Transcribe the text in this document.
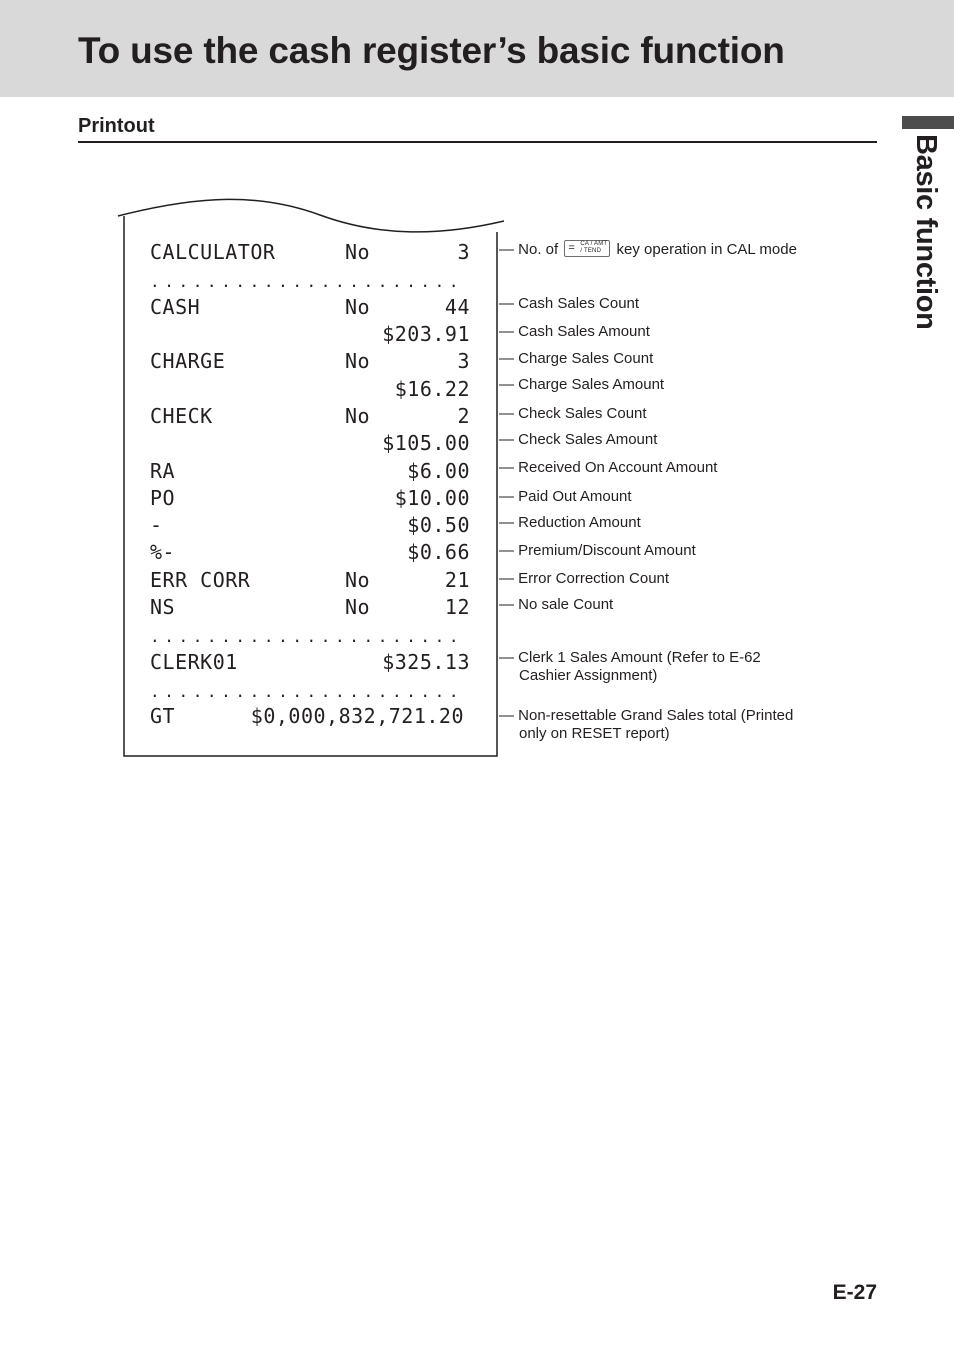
To use the cash register’s basic function
Basic function
Printout
CALCULATOR	No	3
......................
CASH	No	44
$203.91
CHARGE	No	3
$16.22
CHECK	No	2
$105.00
RA	$6.00
PO	$10.00
-	$0.50
%-	$0.66
ERR CORR	No	21
NS	No	12
......................
CLERK01	$325.13
......................
GT	$0,000,832,721.20
— No. of = CA / AMT
/ TEND key operation in CAL mode
— Cash Sales Count
— Cash Sales Amount
— Charge Sales Count
— Charge Sales Amount
— Check Sales Count
— Check Sales Amount
— Received On Account Amount
— Paid Out Amount
— Reduction Amount
— Premium/Discount Amount
— Error Correction Count
— No sale Count
— Clerk 1 Sales Amount (Refer to E-62
Cashier Assignment)
— Non-resettable Grand Sales total (Printed
only on RESET report)
E-27
